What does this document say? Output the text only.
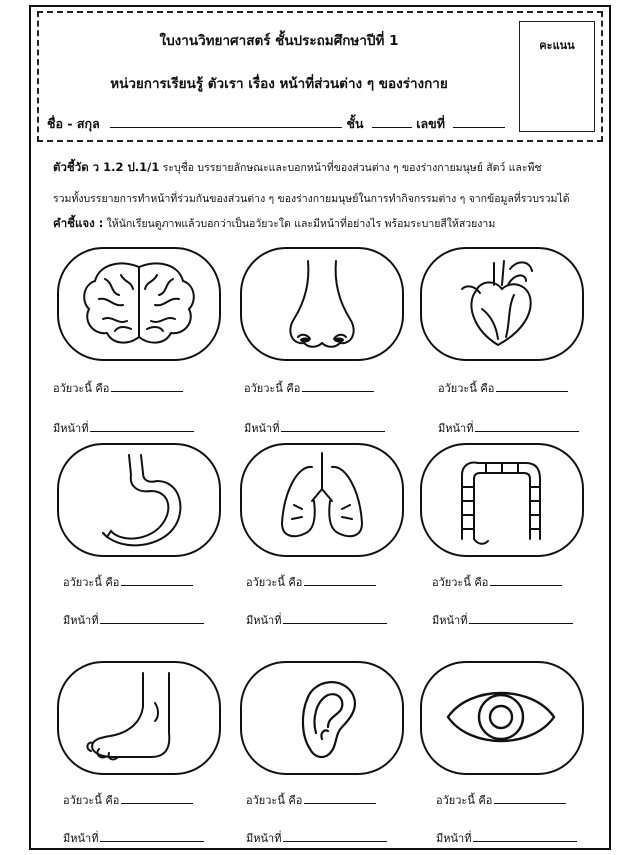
ใบงานวิทยาศาสตร์ ชั้นประถมศึกษาปีที่ 1
หน่วยการเรียนรู้ ตัวเรา เรื่อง หน้าที่ส่วนต่าง ๆ ของร่างกาย
ชื่อ - สกุล	ชั้น	เลขที่
คะแนน
ตัวชี้วัด ว 1.2 ป.1/1 ระบุชื่อ บรรยายลักษณะและบอกหน้าที่ของส่วนต่าง ๆ ของร่างกายมนุษย์ สัตว์ และพืช
รวมทั้งบรรยายการทำหน้าที่ร่วมกันของส่วนต่าง ๆ ของร่างกายมนุษย์ในการทำกิจกรรมต่าง ๆ จากข้อมูลที่รวบรวมได้
คำชี้แจง : ให้นักเรียนดูภาพแล้วบอกว่าเป็นอวัยวะใด และมีหน้าที่อย่างไร พร้อมระบายสีให้สวยงาม
อวัยวะนี้ คือ
มีหน้าที่
อวัยวะนี้ คือ
มีหน้าที่
อวัยวะนี้ คือ
มีหน้าที่
อวัยวะนี้ คือ
มีหน้าที่
อวัยวะนี้ คือ
มีหน้าที่
อวัยวะนี้ คือ
มีหน้าที่
อวัยวะนี้ คือ
มีหน้าที่
อวัยวะนี้ คือ
มีหน้าที่
อวัยวะนี้ คือ
มีหน้าที่
